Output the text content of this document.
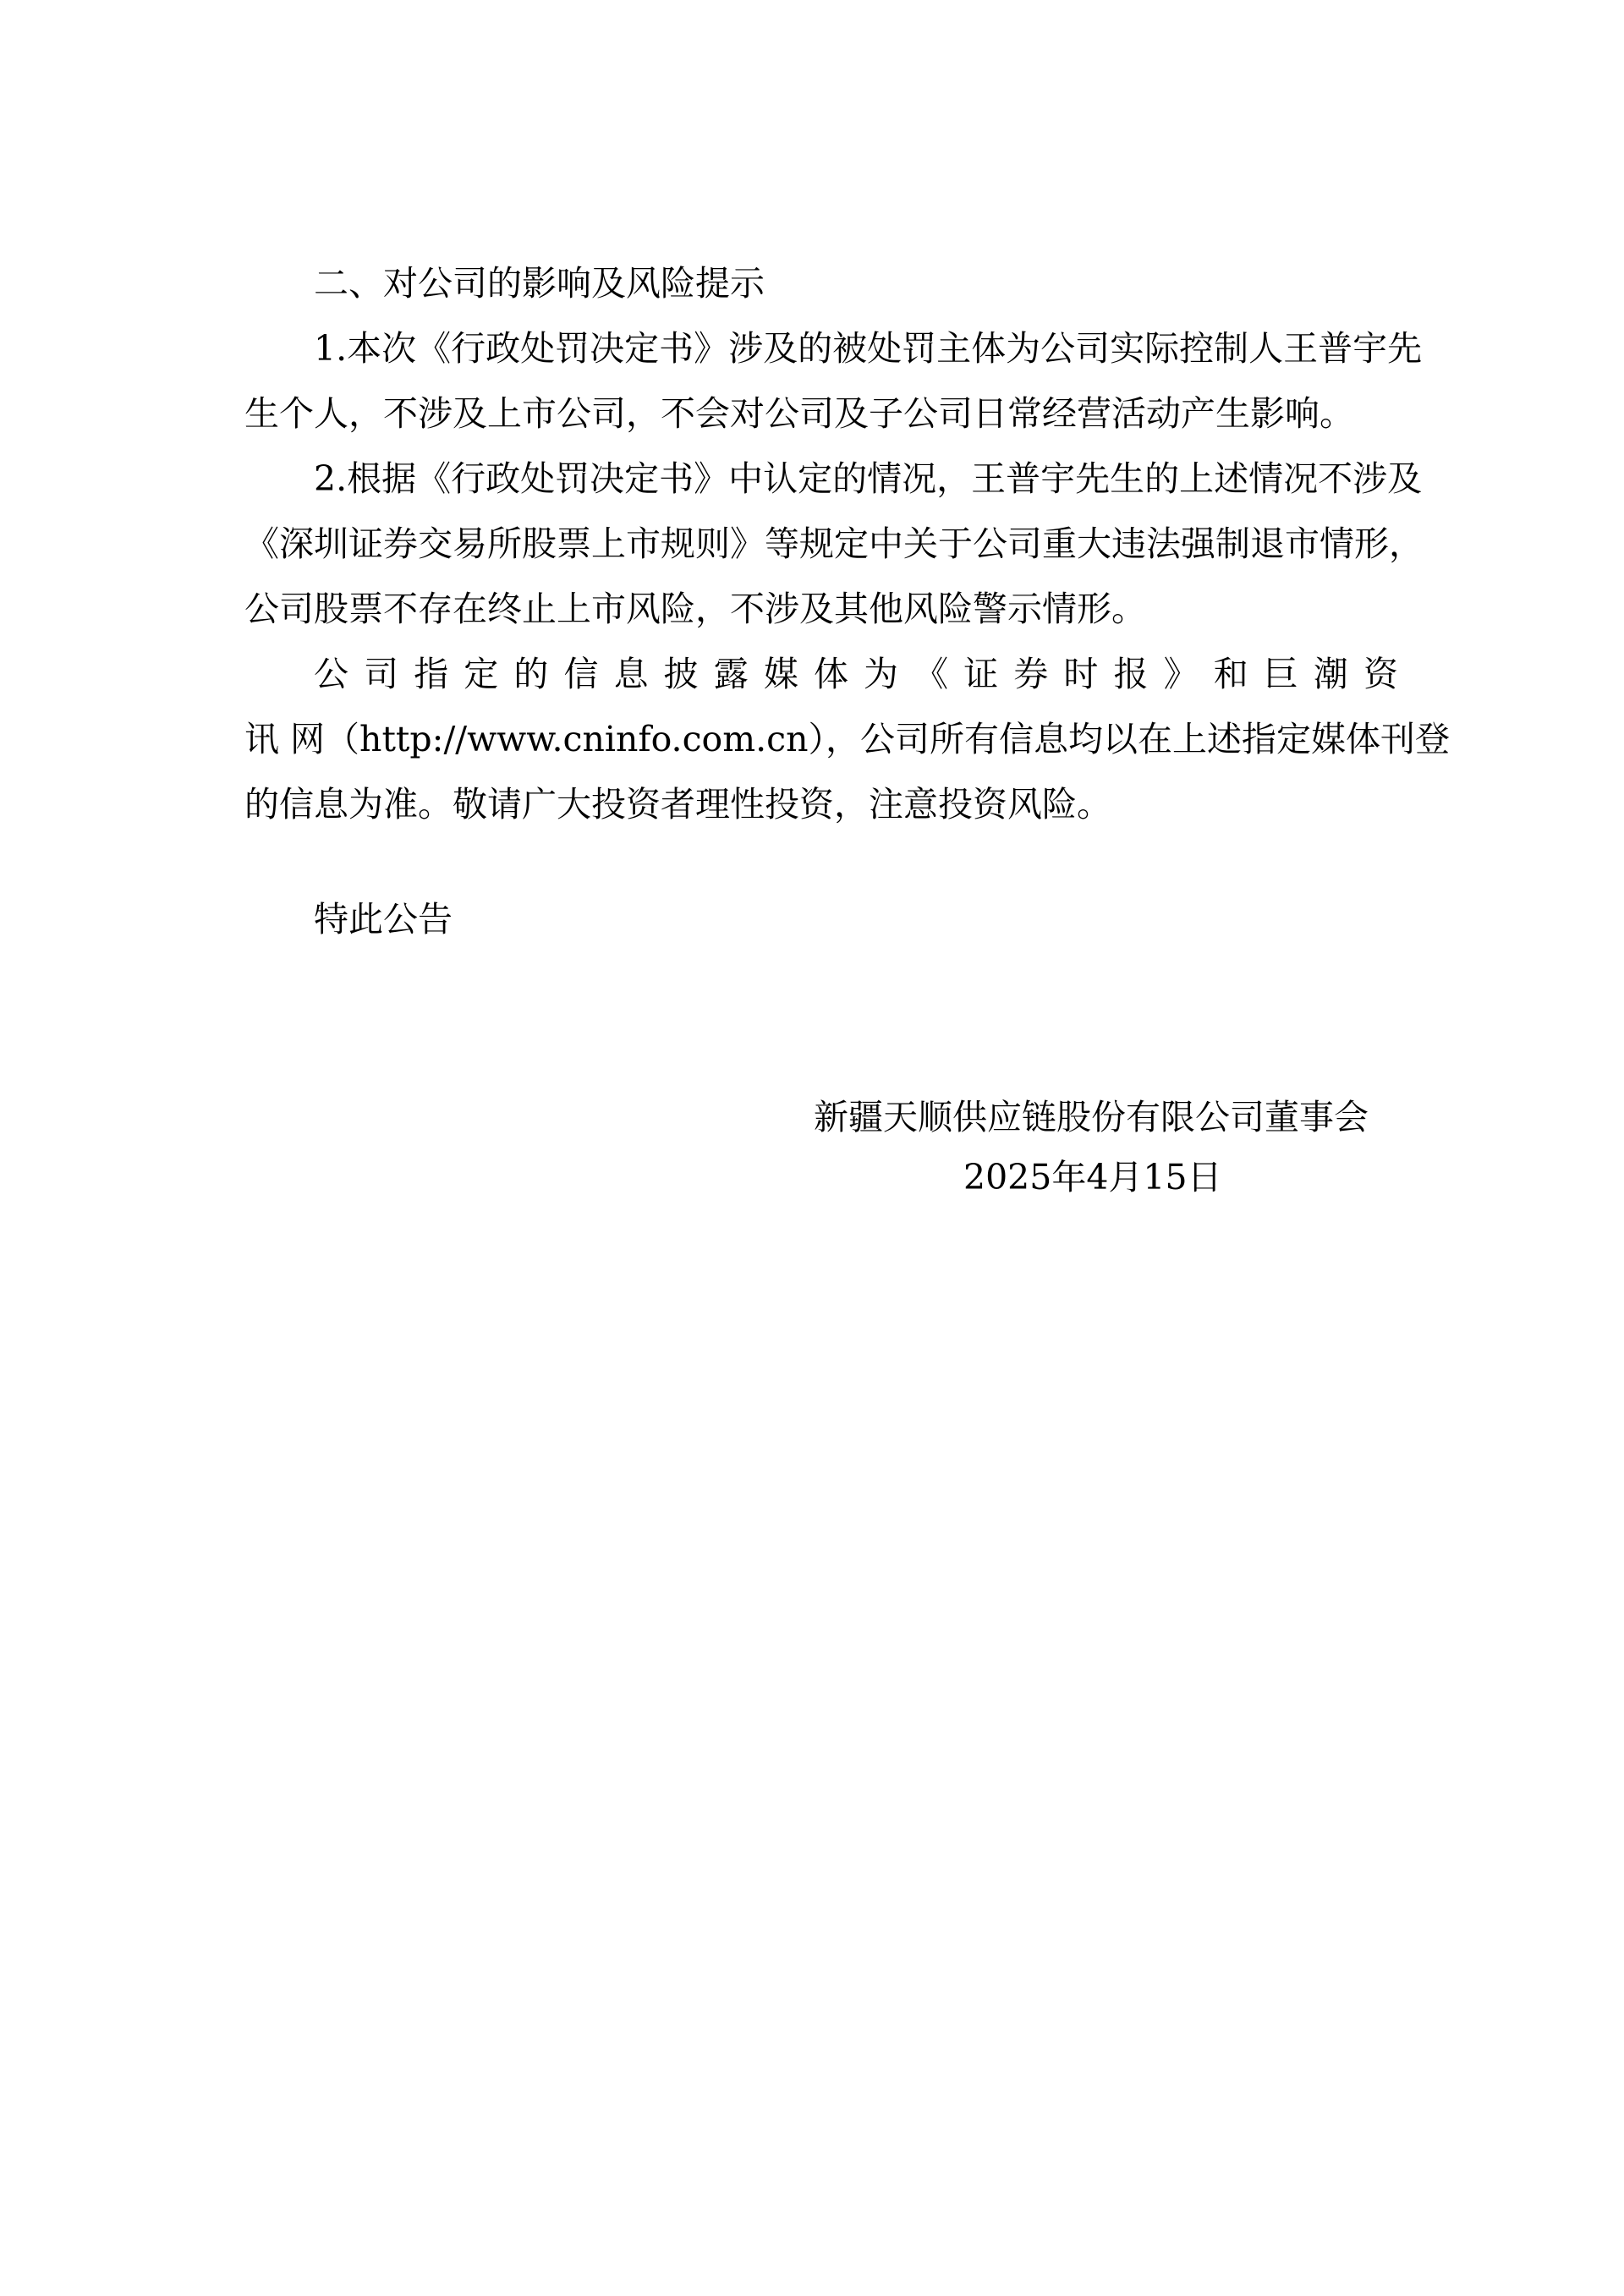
二、对公司的影响及风险提示
1.本次《行政处罚决定书》涉及的被处罚主体为公司实际控制人王普宇先
生个人，不涉及上市公司，不会对公司及子公司日常经营活动产生影响。
2.根据《行政处罚决定书》中认定的情况，王普宇先生的上述情况不涉及
《深圳证券交易所股票上市规则》等规定中关于公司重大违法强制退市情形，
公司股票不存在终止上市风险，不涉及其他风险警示情形。
公 司 指 定 的 信 息 披 露 媒 体 为 《 证 券 时 报 》 和 巨 潮 资
讯 网（http://www.cninfo.com.cn），公司所有信息均以在上述指定媒体刊登
的信息为准。敬请广大投资者理性投资，注意投资风险。
特此公告
新疆天顺供应链股份有限公司董事会
2025年4月15日
